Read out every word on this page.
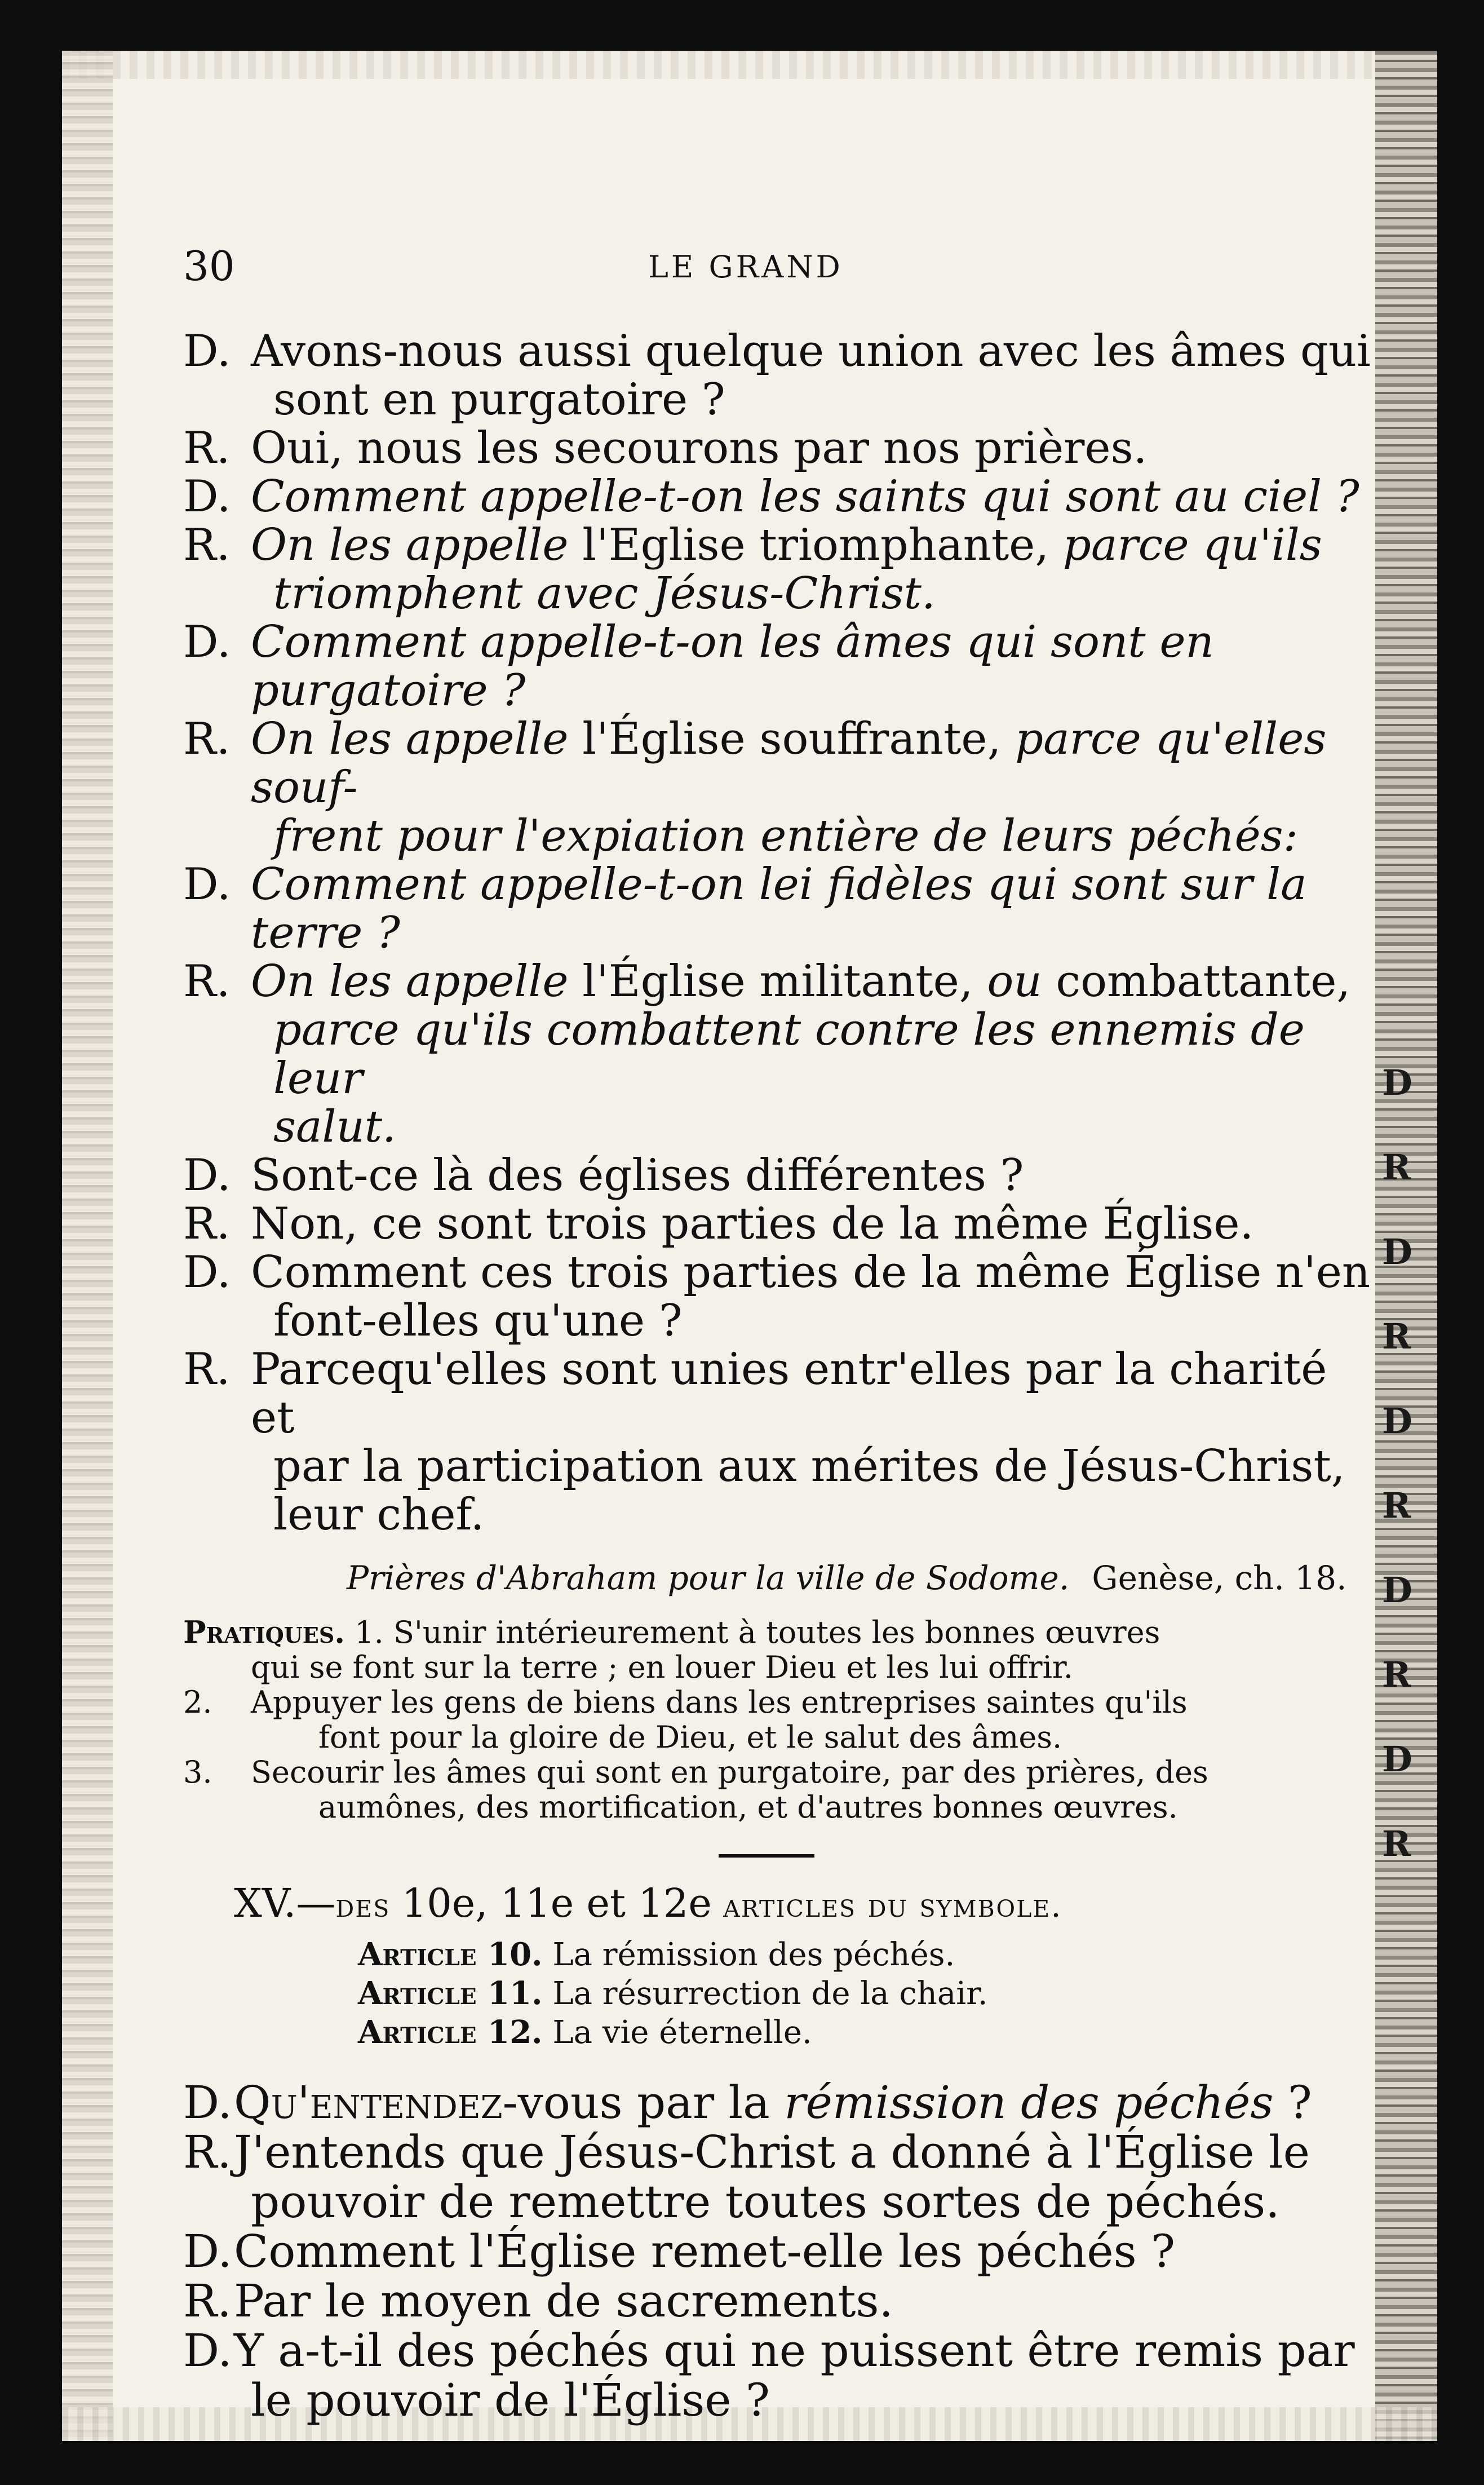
D
R
D
R
D
R
D
R
D
R
30	LE GRAND
D. Avons-nous aussi quelque union avec les âmes qui
sont en purgatoire ?
R. Oui, nous les secourons par nos prières.
D. Comment appelle-t-on les saints qui sont au ciel ?
R. On les appelle l'Eglise triomphante, parce qu'ils
triomphent avec Jésus-Christ.
D. Comment appelle-t-on les âmes qui sont en purgatoire ?
R. On les appelle l'Église souffrante, parce qu'elles souf-
frent pour l'expiation entière de leurs péchés:
D. Comment appelle-t-on lei fidèles qui sont sur la terre ?
R. On les appelle l'Église militante, ou combattante,
parce qu'ils combattent contre les ennemis de leur
salut.
D. Sont-ce là des églises différentes ?
R. Non, ce sont trois parties de la même Église.
D. Comment ces trois parties de la même Église n'en
font-elles qu'une ?
R. Parcequ'elles sont unies entr'elles par la charité et
par la participation aux mérites de Jésus-Christ,
leur chef.
Prières d'Abraham pour la ville de Sodome. Genèse, ch. 18.
Pratiques. 1. S'unir intérieurement à toutes les bonnes œuvres
qui se font sur la terre ; en louer Dieu et les lui offrir.
2. Appuyer les gens de biens dans les entreprises saintes qu'ils
font pour la gloire de Dieu, et le salut des âmes.
3. Secourir les âmes qui sont en purgatoire, par des prières, des
aumônes, des mortification, et d'autres bonnes œuvres.
XV.—des 10e, 11e et 12e articles du symbole.
Article 10. La rémission des péchés.
Article 11. La résurrection de la chair.
Article 12. La vie éternelle.
D. Qu'entendez-vous par la rémission des péchés ?
R. J'entends que Jésus-Christ a donné à l'Église le
pouvoir de remettre toutes sortes de péchés.
D. Comment l'Église remet-elle les péchés ?
R. Par le moyen de sacrements.
D. Y a-t-il des péchés qui ne puissent être remis par
le pouvoir de l'Église ?
